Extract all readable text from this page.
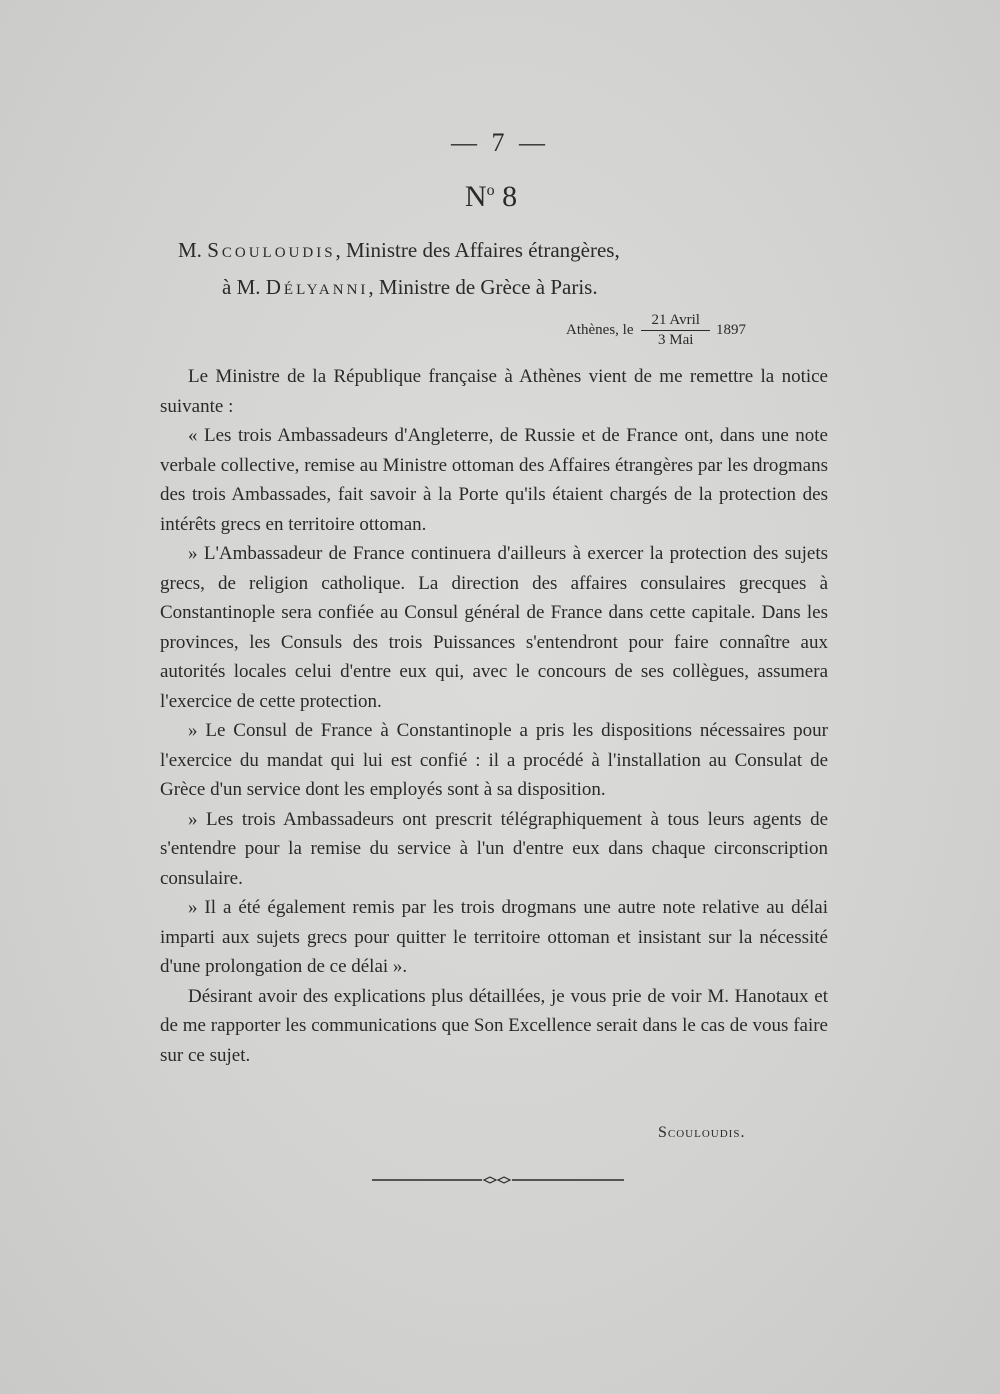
— 7 —
$N^o$ 8
M. Scouloudis, Ministre des Affaires étrangères,
à M. Délyanni, Ministre de Grèce à Paris.
Athènes, le $\frac{\text{21 Avril}}{\text{3 Mai}} 1897$

Le Ministre de la République française à Athènes vient de me remettre la notice suivante :

« Les trois Ambassadeurs d'Angleterre, de Russie et de France ont, dans une note verbale collective, remise au Ministre ottoman des Affaires étrangères par les drogmans des trois Ambassades, fait savoir à la Porte qu'ils étaient chargés de la protection des intérêts grecs en territoire ottoman.

» L'Ambassadeur de France continuera d'ailleurs à exercer la protection des sujets grecs, de religion catholique. La direction des affaires consulaires grecques à Constantinople sera confiée au Consul général de France dans cette capitale. Dans les provinces, les Consuls des trois Puissances s'entendront pour faire connaître aux autorités locales celui d'entre eux qui, avec le concours de ses collègues, assumera l'exercice de cette protection.

» Le Consul de France à Constantinople a pris les dispositions nécessaires pour l'exercice du mandat qui lui est confié : il a procédé à l'installation au Consulat de Grèce d'un service dont les employés sont à sa disposition.

» Les trois Ambassadeurs ont prescrit télégraphiquement à tous leurs agents de s'entendre pour la remise du service à l'un d'entre eux dans chaque circonscription consulaire.

» Il a été également remis par les trois drogmans une autre note relative au délai imparti aux sujets grecs pour quitter le territoire ottoman et insistant sur la nécessité d'une prolongation de ce délai ».

Désirant avoir des explications plus détaillées, je vous prie de voir M. Hanotaux et de me rapporter les communications que Son Excellence serait dans le cas de vous faire sur ce sujet.

Scouloudis.
